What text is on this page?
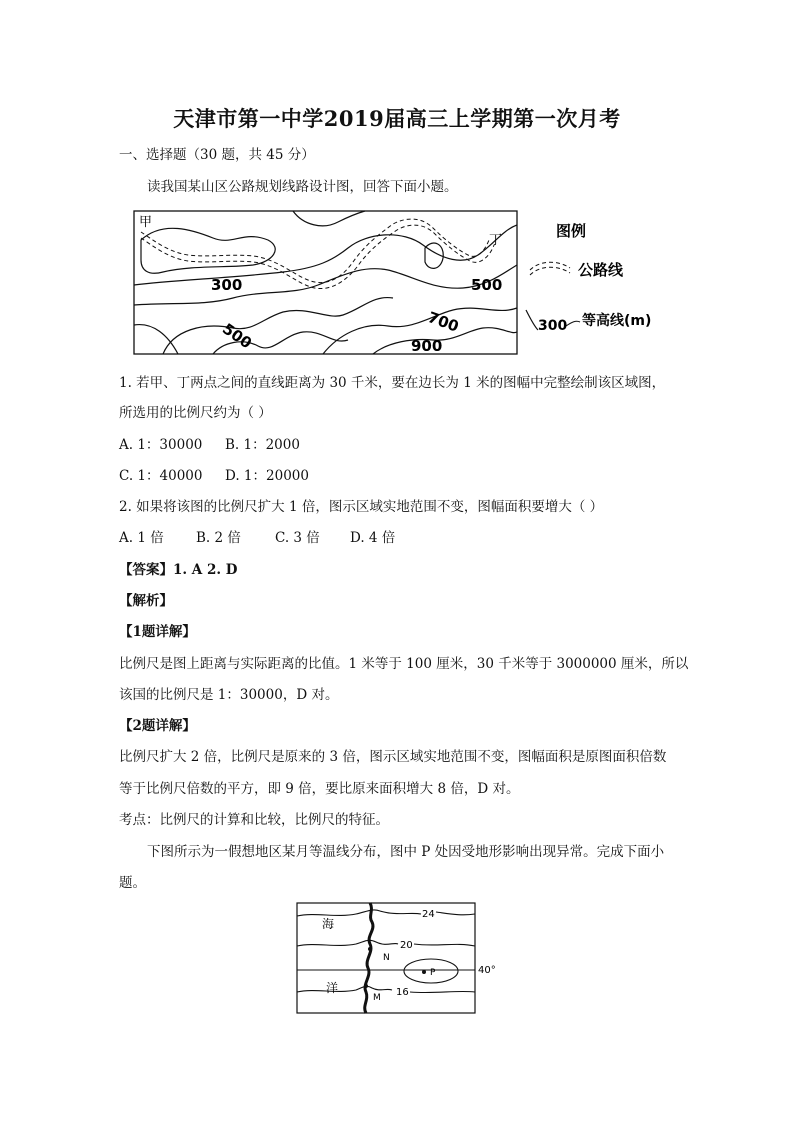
天津市第一中学2019届高三上学期第一次月考
一、选择题（30 题，共 45 分）
读我国某山区公路规划线路设计图，回答下面小题。
甲
丁
300
500
500
700
900
图例
公路线
300 等高线(m)
1. 若甲、丁两点之间的直线距离为 30 千米，要在边长为 1 米的图幅中完整绘制该区域图，
所选用的比例尺约为（ ）
A. 1：30000	B. 1：2000
C. 1：40000	D. 1：20000
2. 如果将该图的比例尺扩大 1 倍，图示区域实地范围不变，图幅面积要增大（ ）
A. 1 倍	B. 2 倍	C. 3 倍	D. 4 倍
【答案】1. A 2. D
【解析】
【1题详解】
比例尺是图上距离与实际距离的比值。1 米等于 100 厘米，30 千米等于 3000000 厘米，所以
该国的比例尺是 1：30000，D 对。
【2题详解】
比例尺扩大 2 倍，比例尺是原来的 3 倍，图示区域实地范围不变，图幅面积是原图面积倍数
等于比例尺倍数的平方，即 9 倍，要比原来面积增大 8 倍，D 对。
考点：比例尺的计算和比较，比例尺的特征。
下图所示为一假想地区某月等温线分布，图中 P 处因受地形影响出现异常。完成下面小
题。
海
洋
24
20
16
N
M
P	40°
